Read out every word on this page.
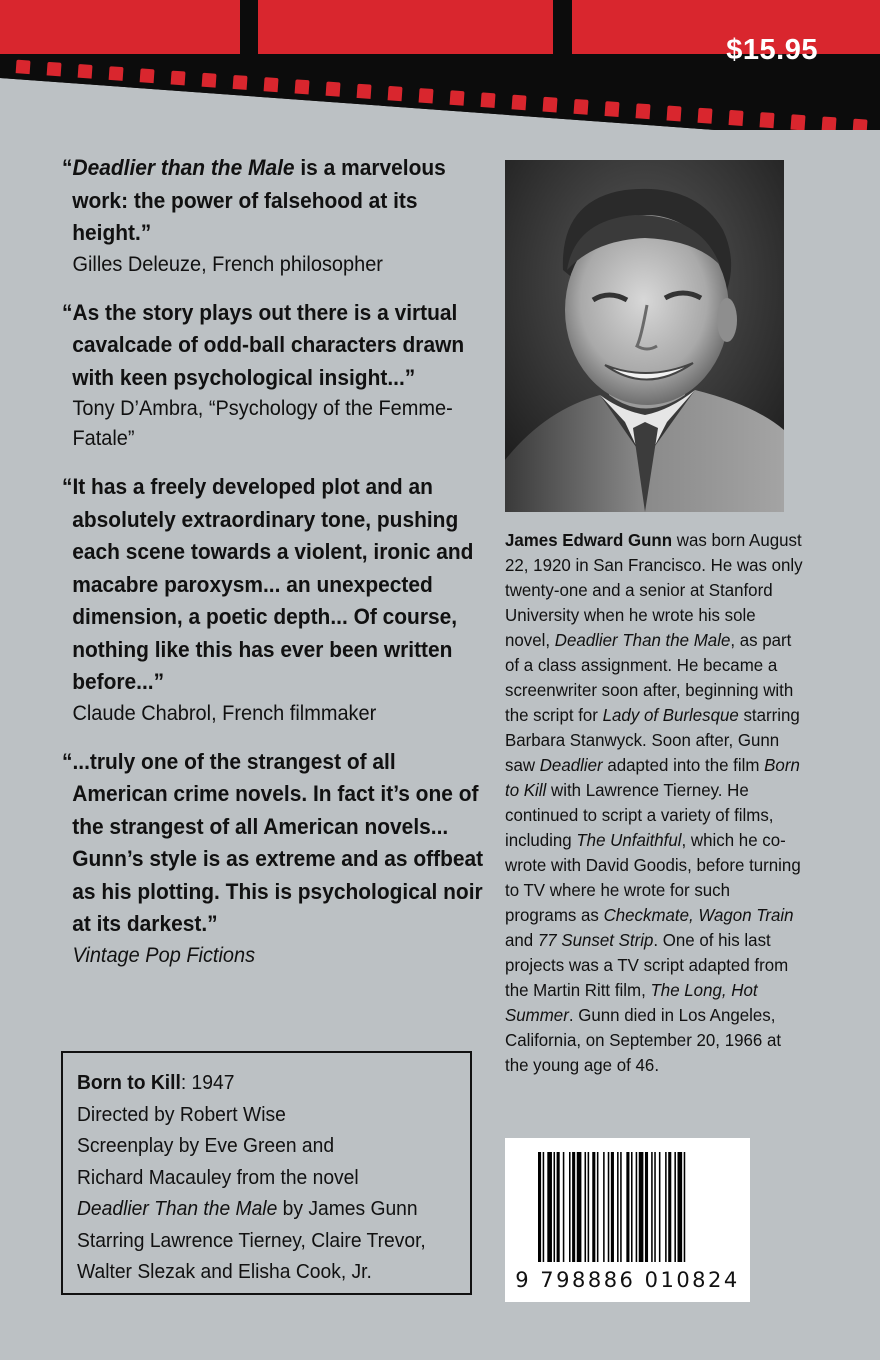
$15.95
“Deadlier than the Male is a marvelous work: the power of falsehood at its height.”
Gilles Deleuze, French philosopher
“As the story plays out there is a virtual cavalcade of odd-ball characters drawn with keen psychological insight...”
Tony D’Ambra, “Psychology of the Femme-Fatale”
“It has a freely developed plot and an absolutely extraordinary tone, pushing each scene towards a violent, ironic and macabre paroxysm... an unexpected dimension, a poetic depth... Of course, nothing like this has ever been written before...”
Claude Chabrol, French filmmaker
“...truly one of the strangest of all American crime novels. In fact it’s one of the strangest of all American novels... Gunn’s style is as extreme and as offbeat as his plotting. This is psychological noir at its darkest.”
Vintage Pop Fictions
James Edward Gunn was born August 22, 1920 in San Francisco. He was only twenty-one and a senior at Stanford University when he wrote his sole novel, Deadlier Than the Male, as part of a class assignment. He became a screenwriter soon after, beginning with the script for Lady of Burlesque starring Barbara Stanwyck. Soon after, Gunn saw Deadlier adapted into the film Born to Kill with Lawrence Tierney. He continued to script a variety of films, including The Unfaithful, which he co-wrote with David Goodis, before turning to TV where he wrote for such programs as Checkmate, Wagon Train and 77 Sunset Strip. One of his last projects was a TV script adapted from the Martin Ritt film, The Long, Hot Summer. Gunn died in Los Angeles, California, on September 20, 1966 at the young age of 46.
Born to Kill: 1947
Directed by Robert Wise
Screenplay by Eve Green and
Richard Macauley from the novel
Deadlier Than the Male by James Gunn
Starring Lawrence Tierney, Claire Trevor,
Walter Slezak and Elisha Cook, Jr.	9 798886 010824
